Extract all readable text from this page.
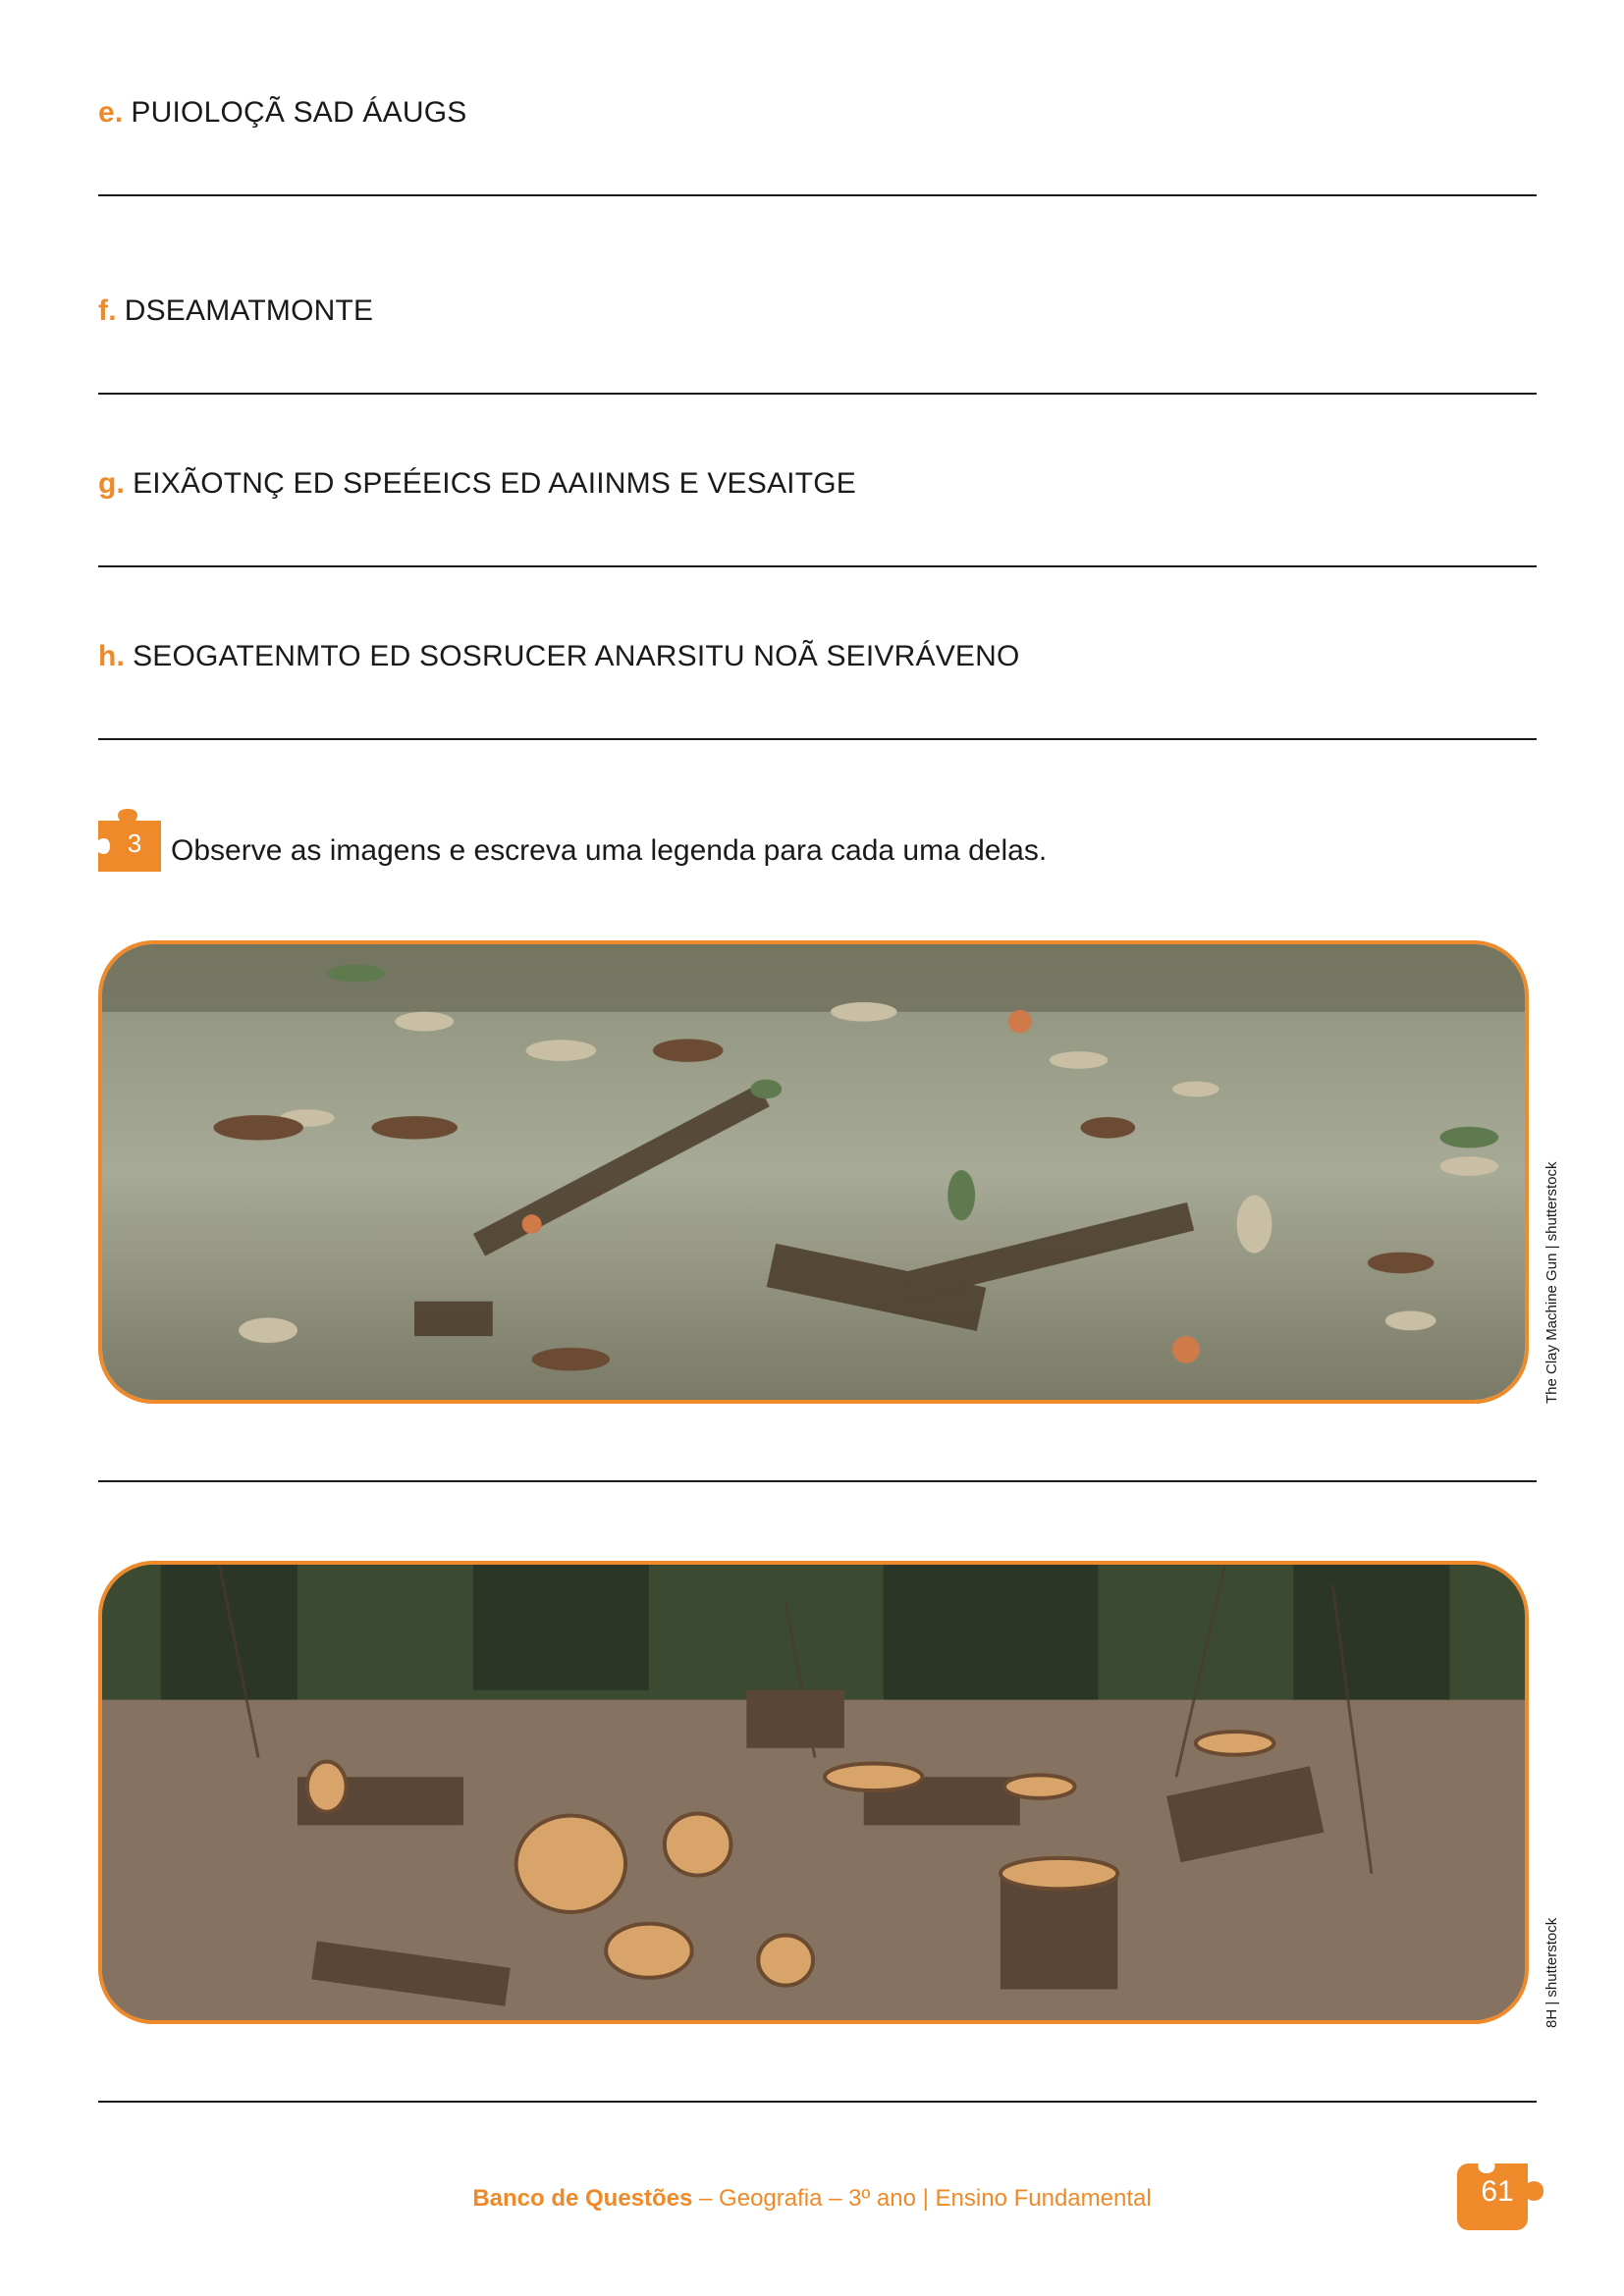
e. PUIOLOÇÃ SAD ÁAUGS
f. DSEAMATMONTE
g. EIXÃOTNÇ ED SPEÉEICS ED AAIINMS E VESAITGE
h. SEOGATENMTO ED SOSRUCER ANARSITU NOÃ SEIVRÁVENO
3 Observe as imagens e escreva uma legenda para cada uma delas.
The Clay Machine Gun | shutterstock
8H | shutterstock
Banco de Questões – Geografia – 3º ano | Ensino Fundamental	61
